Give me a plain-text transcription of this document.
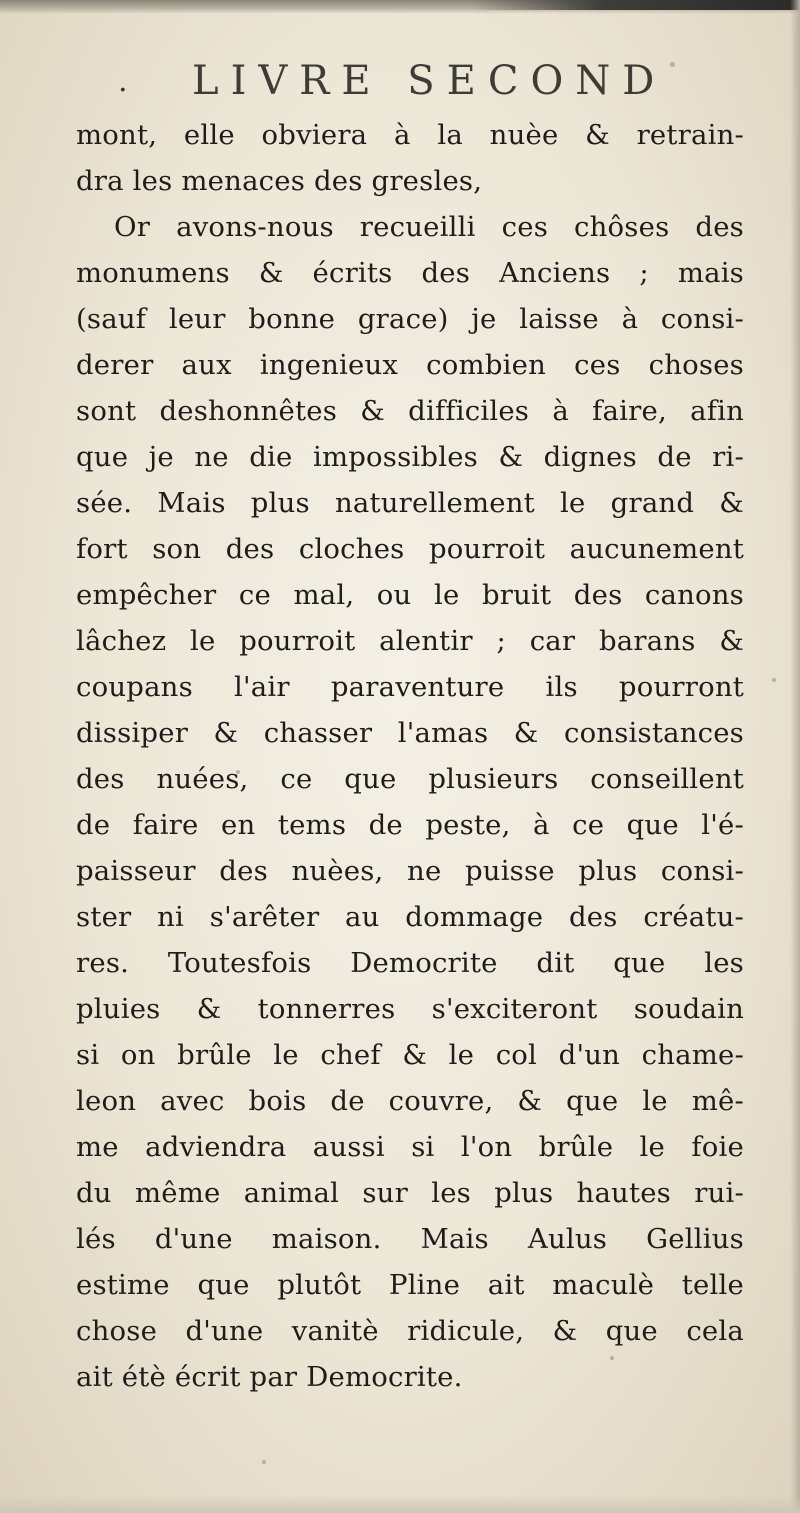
. LIVRE SECOND
mont, elle obviera à la nuèe & retrain-
dra les menaces des gresles,
Or avons-nous recueilli ces chôses des
monumens & écrits des Anciens ; mais
(sauf leur bonne grace) je laisse à consi-
derer aux ingenieux combien ces choses
sont deshonnêtes & difficiles à faire, afin
que je ne die impossibles & dignes de ri-
sée. Mais plus naturellement le grand &
fort son des cloches pourroit aucunement
empêcher ce mal, ou le bruit des canons
lâchez le pourroit alentir ; car barans &
coupans l'air paraventure ils pourront
dissiper & chasser l'amas & consistances
des nuées, ce que plusieurs conseillent
de faire en tems de peste, à ce que l'é-
paisseur des nuèes, ne puisse plus consi-
ster ni s'arêter au dommage des créatu-
res. Toutesfois Democrite dit que les
pluies & tonnerres s'exciteront soudain
si on brûle le chef & le col d'un chame-
leon avec bois de couvre, & que le mê-
me adviendra aussi si l'on brûle le foie
du même animal sur les plus hautes rui-
lés d'une maison. Mais Aulus Gellius
estime que plutôt Pline ait maculè telle
chose d'une vanitè ridicule, & que cela
ait étè écrit par Democrite.
